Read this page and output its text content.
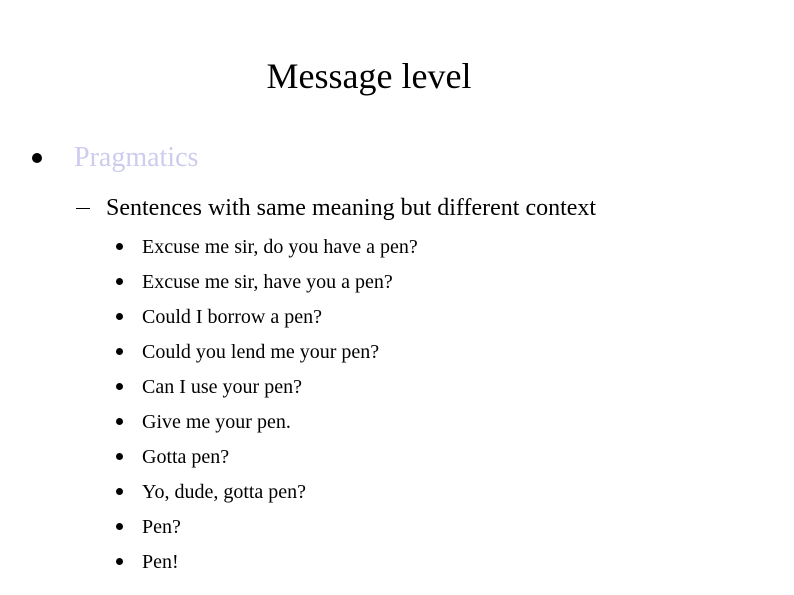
Message level
Pragmatics
Sentences with same meaning but different context
Excuse me sir, do you have a pen?
Excuse me sir, have you a pen?
Could I borrow a pen?
Could you lend me your pen?
Can I use your pen?
Give me your pen.
Gotta pen?
Yo, dude, gotta pen?
Pen?
Pen!
